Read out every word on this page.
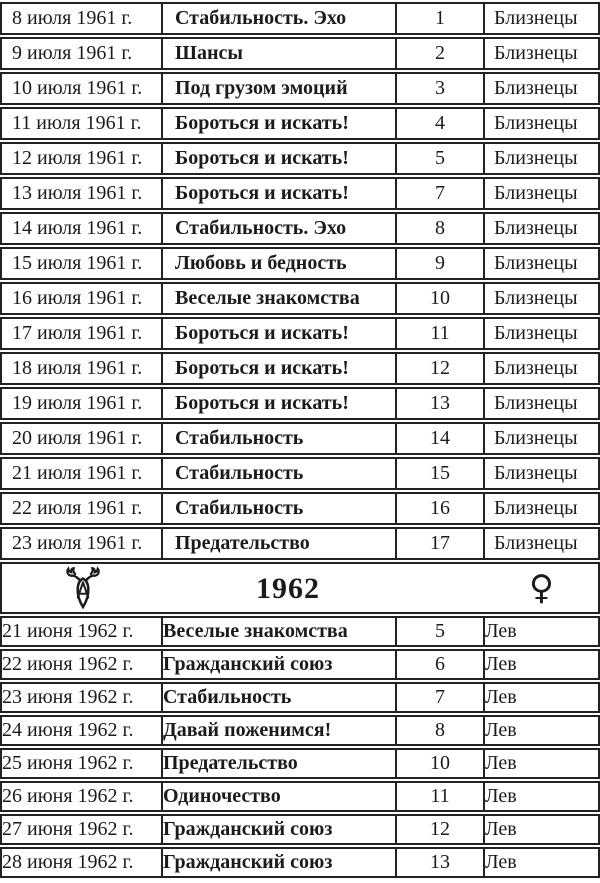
8 июля 1961 г.	Стабильность. Эхо	1	Близнецы
9 июля 1961 г.	Шансы	2	Близнецы
10 июля 1961 г.	Под грузом эмоций	3	Близнецы
11 июля 1961 г.	Бороться и искать!	4	Близнецы
12 июля 1961 г.	Бороться и искать!	5	Близнецы
13 июля 1961 г.	Бороться и искать!	7	Близнецы
14 июля 1961 г.	Стабильность. Эхо	8	Близнецы
15 июля 1961 г.	Любовь и бедность	9	Близнецы
16 июля 1961 г.	Веселые знакомства	10	Близнецы
17 июля 1961 г.	Бороться и искать!	11	Близнецы
18 июля 1961 г.	Бороться и искать!	12	Близнецы
19 июля 1961 г.	Бороться и искать!	13	Близнецы
20 июля 1961 г.	Стабильность	14	Близнецы
21 июля 1961 г.	Стабильность	15	Близнецы
22 июля 1961 г.	Стабильность	16	Близнецы
23 июля 1961 г.	Предательство	17	Близнецы

1962 ♀			

21 июня 1962 г.	Веселые знакомства	5	Лев
22 июня 1962 г.	Гражданский союз	6	Лев
23 июня 1962 г.	Стабильность	7	Лев
24 июня 1962 г.	Давай поженимся!	8	Лев
25 июня 1962 г.	Предательство	10	Лев
26 июня 1962 г.	Одиночество	11	Лев
27 июня 1962 г.	Гражданский союз	12	Лев
28 июня 1962 г.	Гражданский союз	13	Лев
